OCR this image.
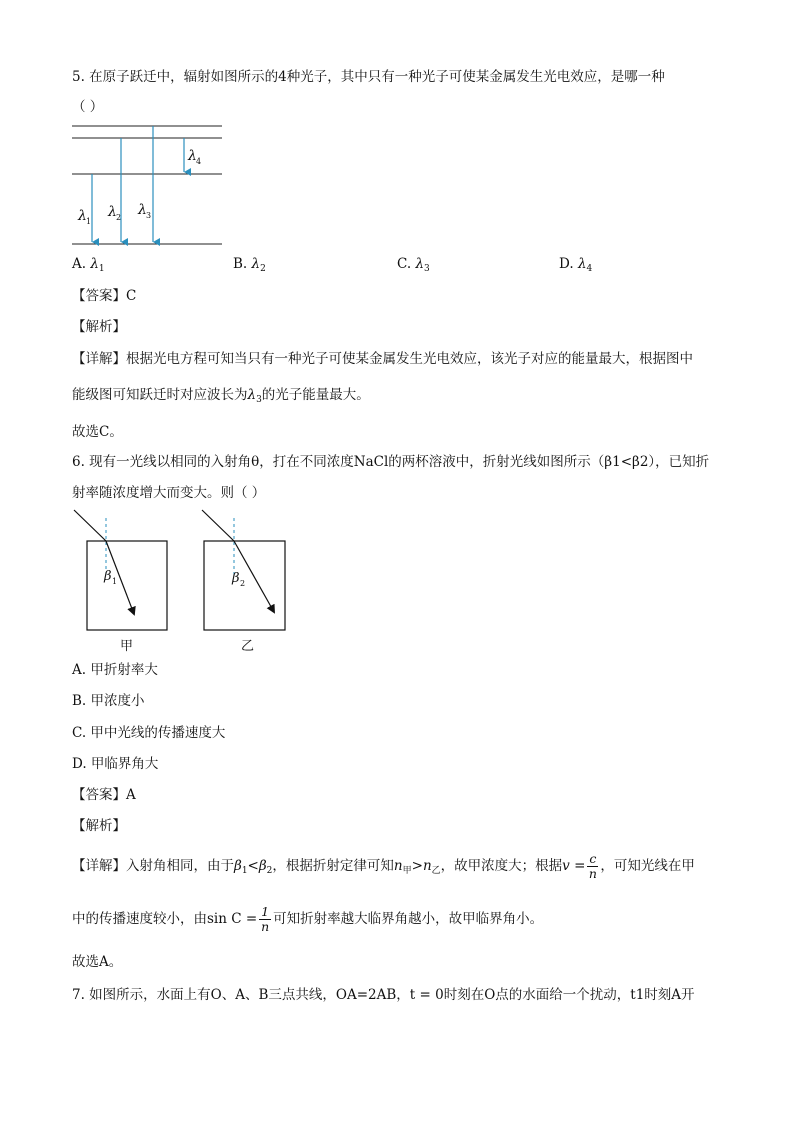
5. 在原子跃迁中，辐射如图所示的4种光子，其中只有一种光子可使某金属发生光电效应，是哪一种
（ ）
λ 1
λ 2 λ 3
λ 4
A. $\lambda_1$	B. $\lambda_2$	C. $\lambda_3$	D. $\lambda_4$
【答案】C
【解析】
【详解】根据光电方程可知当只有一种光子可使某金属发生光电效应，该光子对应的能量最大，根据图中
能级图可知跃迁时对应波长为$\lambda_3$的光子能量最大。
故选C。
6. 现有一光线以相同的入射角θ，打在不同浓度NaCl的两杯溶液中，折射光线如图所示（β1<β2），已知折
射率随浓度增大而变大。则（ ）
β 1
甲
β 2
乙
A. 甲折射率大
B. 甲浓度小
C. 甲中光线的传播速度大
D. 甲临界角大
【答案】A
【解析】
【详解】入射角相同，由于$\beta_1<\beta_2$，根据折射定律可知$n_甲>n_乙$，故甲浓度大；根据$v = \frac{c}{n}$ ，可知光线在甲
中的传播速度较小，由$\sin C = \frac{1}{n}$ 可知折射率越大临界角越小，故甲临界角小。
故选A。
7. 如图所示，水面上有O、A、B三点共线，OA=2AB，t = 0时刻在O点的水面给一个扰动，t1时刻A开
